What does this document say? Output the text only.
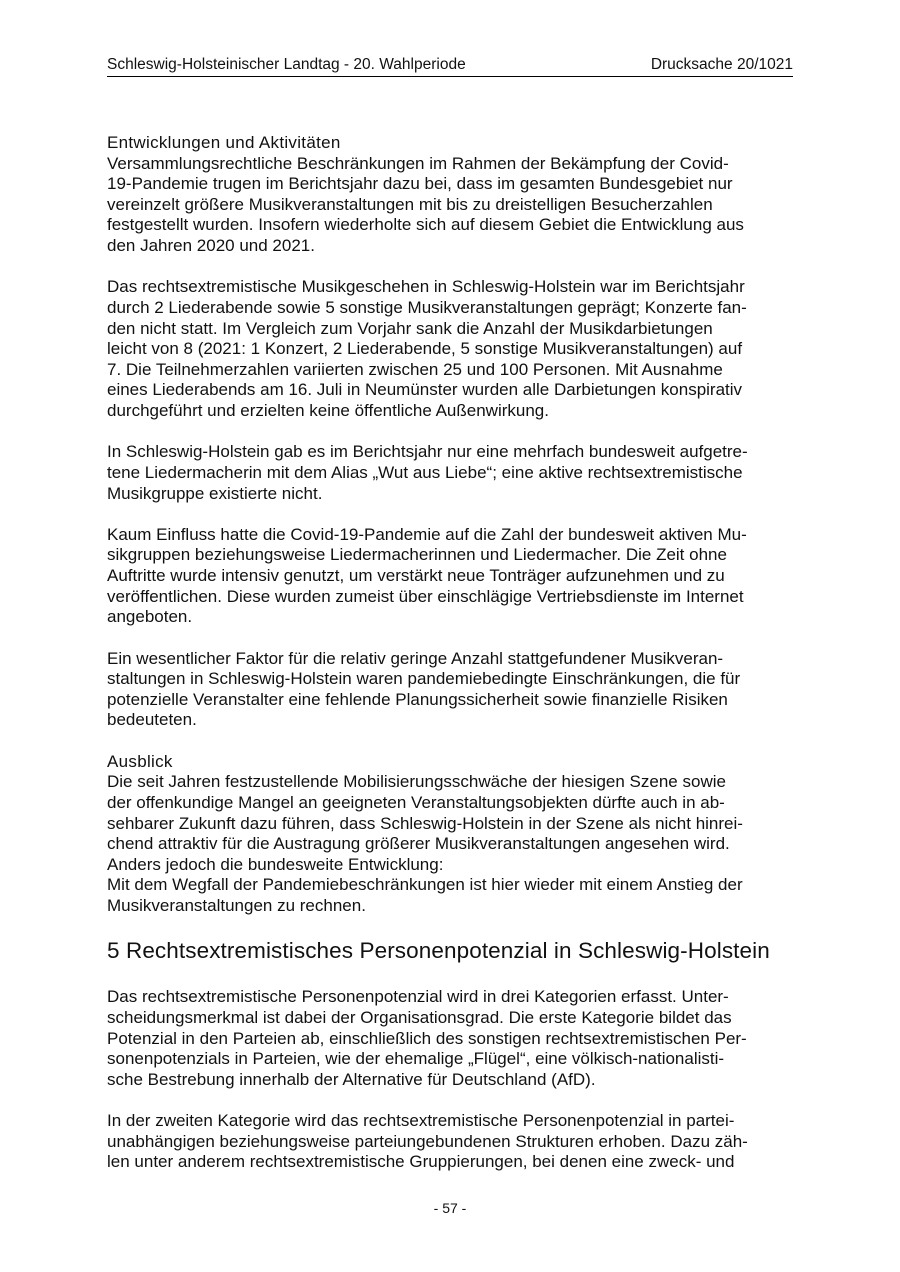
Schleswig-Holsteinischer Landtag - 20. Wahlperiode	Drucksache 20/1021

Entwicklungen und Aktivitäten
Versammlungsrechtliche Beschränkungen im Rahmen der Bekämpfung der Covid-
19-Pandemie trugen im Berichtsjahr dazu bei, dass im gesamten Bundesgebiet nur
vereinzelt größere Musikveranstaltungen mit bis zu dreistelligen Besucherzahlen
festgestellt wurden. Insofern wiederholte sich auf diesem Gebiet die Entwicklung aus
den Jahren 2020 und 2021.

Das rechtsextremistische Musikgeschehen in Schleswig-Holstein war im Berichtsjahr
durch 2 Liederabende sowie 5 sonstige Musikveranstaltungen geprägt; Konzerte fan-
den nicht statt. Im Vergleich zum Vorjahr sank die Anzahl der Musikdarbietungen
leicht von 8 (2021: 1 Konzert, 2 Liederabende, 5 sonstige Musikveranstaltungen) auf
7. Die Teilnehmerzahlen variierten zwischen 25 und 100 Personen. Mit Ausnahme
eines Liederabends am 16. Juli in Neumünster wurden alle Darbietungen konspirativ
durchgeführt und erzielten keine öffentliche Außenwirkung.

In Schleswig-Holstein gab es im Berichtsjahr nur eine mehrfach bundesweit aufgetre-
tene Liedermacherin mit dem Alias „Wut aus Liebe“; eine aktive rechtsextremistische
Musikgruppe existierte nicht.

Kaum Einfluss hatte die Covid-19-Pandemie auf die Zahl der bundesweit aktiven Mu-
sikgruppen beziehungsweise Liedermacherinnen und Liedermacher. Die Zeit ohne
Auftritte wurde intensiv genutzt, um verstärkt neue Tonträger aufzunehmen und zu
veröffentlichen. Diese wurden zumeist über einschlägige Vertriebsdienste im Internet
angeboten.

Ein wesentlicher Faktor für die relativ geringe Anzahl stattgefundener Musikveran-
staltungen in Schleswig-Holstein waren pandemiebedingte Einschränkungen, die für
potenzielle Veranstalter eine fehlende Planungssicherheit sowie finanzielle Risiken
bedeuteten.

Ausblick
Die seit Jahren festzustellende Mobilisierungsschwäche der hiesigen Szene sowie
der offenkundige Mangel an geeigneten Veranstaltungsobjekten dürfte auch in ab-
sehbarer Zukunft dazu führen, dass Schleswig-Holstein in der Szene als nicht hinrei-
chend attraktiv für die Austragung größerer Musikveranstaltungen angesehen wird.
Anders jedoch die bundesweite Entwicklung:
Mit dem Wegfall der Pandemiebeschränkungen ist hier wieder mit einem Anstieg der
Musikveranstaltungen zu rechnen.

5 Rechtsextremistisches Personenpotenzial in Schleswig-Holstein

Das rechtsextremistische Personenpotenzial wird in drei Kategorien erfasst. Unter-
scheidungsmerkmal ist dabei der Organisationsgrad. Die erste Kategorie bildet das
Potenzial in den Parteien ab, einschließlich des sonstigen rechtsextremistischen Per-
sonenpotenzials in Parteien, wie der ehemalige „Flügel“, eine völkisch-nationalisti-
sche Bestrebung innerhalb der Alternative für Deutschland (AfD).

In der zweiten Kategorie wird das rechtsextremistische Personenpotenzial in partei-
unabhängigen beziehungsweise parteiungebundenen Strukturen erhoben. Dazu zäh-
len unter anderem rechtsextremistische Gruppierungen, bei denen eine zweck- und

- 57 -
